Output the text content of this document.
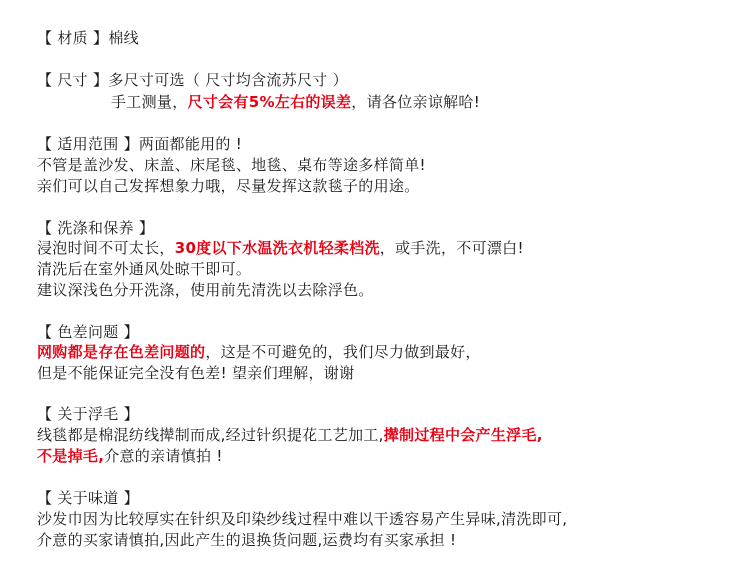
【 材质 】棉线
【 尺寸 】多尺寸可选（ 尺寸均含流苏尺寸 ）
手工测量，尺寸会有5%左右的误差，请各位亲谅解哈!
【 适用范围 】两面都能用的 !
不管是盖沙发、床盖、床尾毯、地毯、桌布等途多样简单!
亲们可以自己发挥想象力哦，尽量发挥这款毯子的用途。
【 洗涤和保养 】
浸泡时间不可太长，30度以下水温洗衣机轻柔档洗，或手洗，不可漂白!
清洗后在室外通风处晾干即可。
建议深浅色分开洗涤，使用前先清洗以去除浮色。
【 色差问题 】
网购都是存在色差问题的，这是不可避免的，我们尽力做到最好，
但是不能保证完全没有色差! 望亲们理解，谢谢
【 关于浮毛 】
线毯都是棉混纺线撵制而成,经过针织提花工艺加工,撵制过程中会产生浮毛,
不是掉毛,介意的亲请慎拍 !
【 关于味道 】
沙发巾因为比较厚实在针织及印染纱线过程中难以干透容易产生异味,清洗即可,
介意的买家请慎拍,因此产生的退换货问题,运费均有买家承担 !
